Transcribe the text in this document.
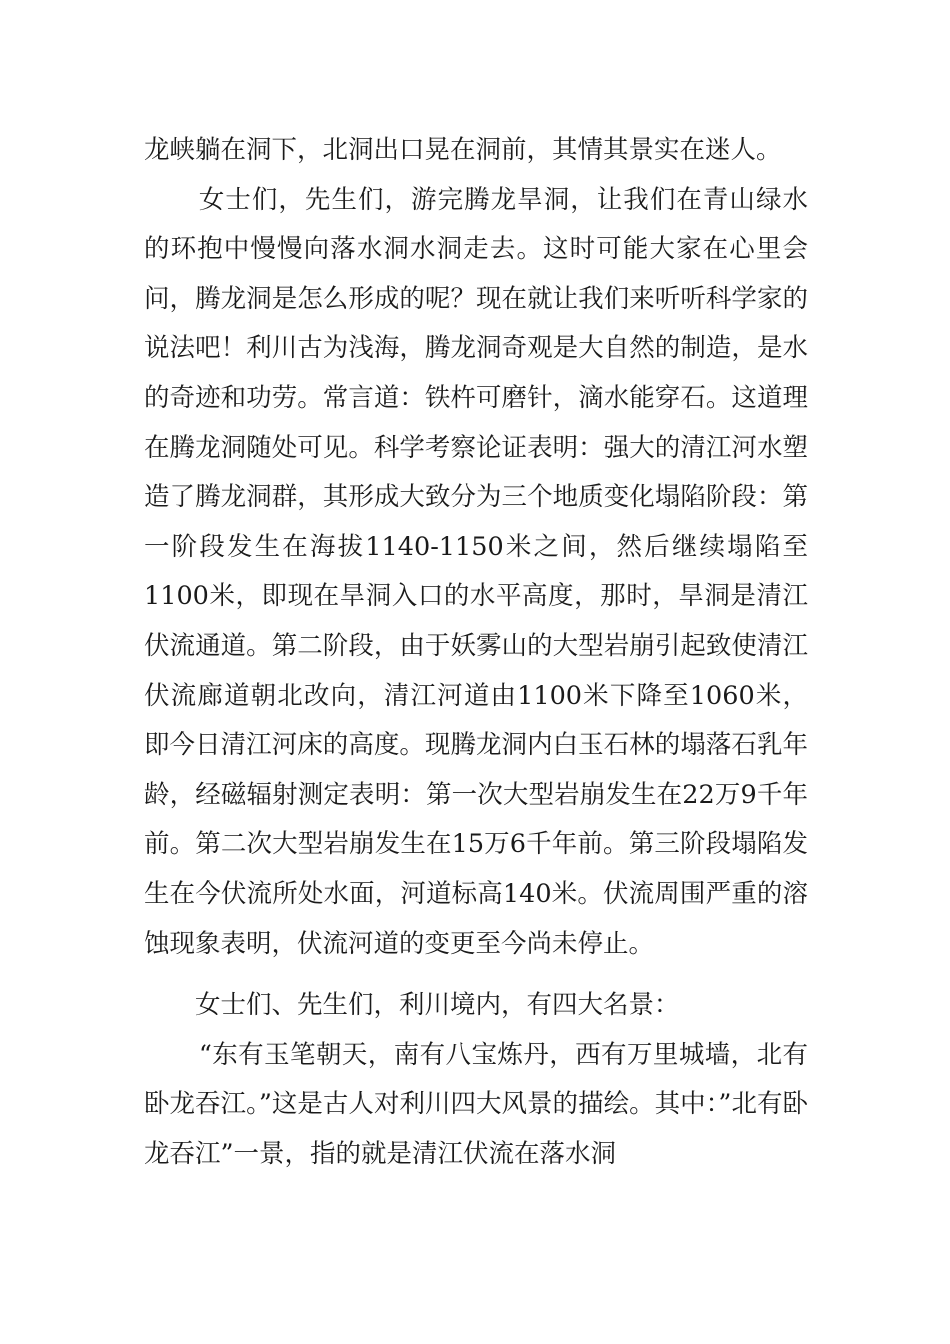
龙峡躺在洞下，北洞出口晃在洞前，其情其景实在迷人。

女士们，先生们，游完腾龙旱洞，让我们在青山绿水的环抱中慢慢向落水洞水洞走去。这时可能大家在心里会问，腾龙洞是怎么形成的呢？现在就让我们来听听科学家的说法吧！利川古为浅海，腾龙洞奇观是大自然的制造，是水的奇迹和功劳。常言道：铁杵可磨针，滴水能穿石。这道理在腾龙洞随处可见。科学考察论证表明：强大的清江河水塑造了腾龙洞群，其形成大致分为三个地质变化塌陷阶段：第一阶段发生在海拔1140-1150米之间，然后继续塌陷至1100米，即现在旱洞入口的水平高度，那时，旱洞是清江伏流通道。第二阶段，由于妖雾山的大型岩崩引起致使清江伏流廊道朝北改向，清江河道由1100米下降至1060米，即今日清江河床的高度。现腾龙洞内白玉石林的塌落石乳年龄，经磁辐射测定表明：第一次大型岩崩发生在22万9千年前。第二次大型岩崩发生在15万6千年前。第三阶段塌陷发生在今伏流所处水面，河道标高140米。伏流周围严重的溶蚀现象表明，伏流河道的变更至今尚未停止。

女士们、先生们，利川境内，有四大名景：

“东有玉笔朝天，南有八宝炼丹，西有万里城墙，北有卧龙吞江。”这是古人对利川四大风景的描绘。其中：”北有卧龙吞江”一景，指的就是清江伏流在落水洞
